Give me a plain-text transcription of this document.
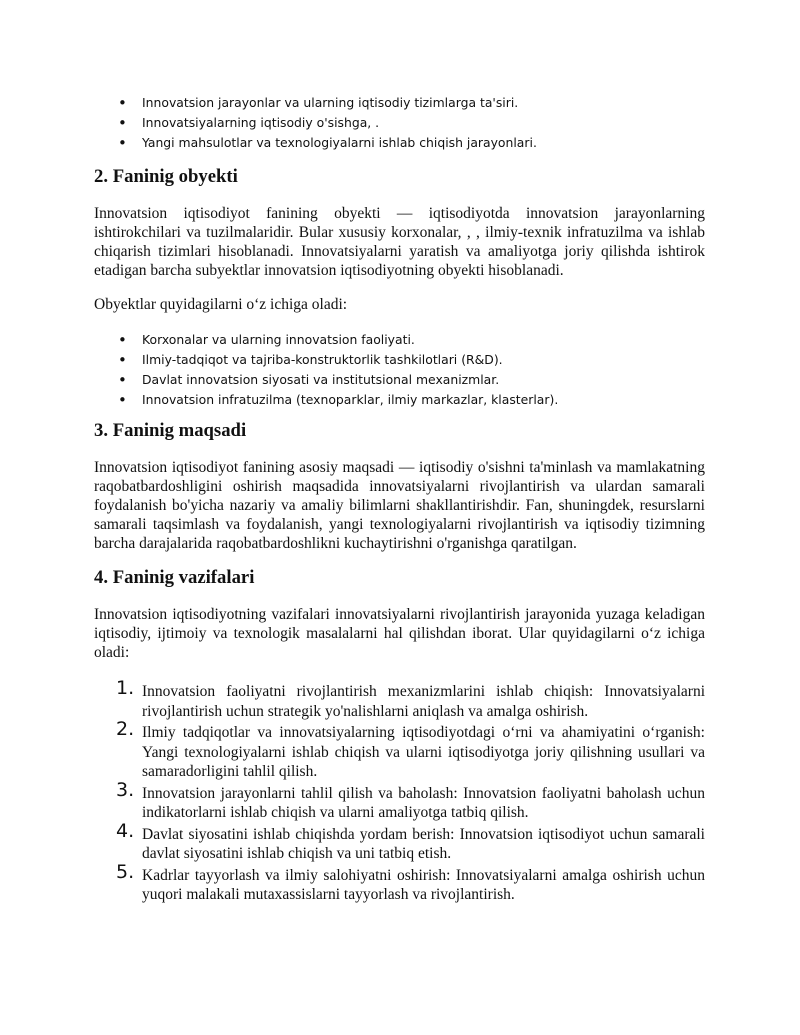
• Innovatsion jarayonlar va ularning iqtisodiy tizimlarga ta'siri.
• Innovatsiyalarning iqtisodiy o'sishga, .
• Yangi mahsulotlar va texnologiyalarni ishlab chiqish jarayonlari.
2. Faninig obyekti

Innovatsion iqtisodiyot fanining obyekti — iqtisodiyotda innovatsion jarayonlarning ishtirokchilari va tuzilmalaridir. Bular xususiy korxonalar, , , ilmiy-texnik infratuzilma va ishlab chiqarish tizimlari hisoblanadi. Innovatsiyalarni yaratish va amaliyotga joriy qilishda ishtirok etadigan barcha subyektlar innovatsion iqtisodiyotning obyekti hisoblanadi.

Obyektlar quyidagilarni o‘z ichiga oladi:

• Korxonalar va ularning innovatsion faoliyati.
• Ilmiy-tadqiqot va tajriba-konstruktorlik tashkilotlari (R&D).
• Davlat innovatsion siyosati va institutsional mexanizmlar.
• Innovatsion infratuzilma (texnoparklar, ilmiy markazlar, klasterlar).
3. Faninig maqsadi

Innovatsion iqtisodiyot fanining asosiy maqsadi — iqtisodiy o'sishni ta'minlash va mamlakatning raqobatbardoshligini oshirish maqsadida innovatsiyalarni rivojlantirish va ulardan samarali foydalanish bo'yicha nazariy va amaliy bilimlarni shakllantirishdir. Fan, shuningdek, resurslarni samarali taqsimlash va foydalanish, yangi texnologiyalarni rivojlantirish va iqtisodiy tizimning barcha darajalarida raqobatbardoshlikni kuchaytirishni o'rganishga qaratilgan.

4. Faninig vazifalari

Innovatsion iqtisodiyotning vazifalari innovatsiyalarni rivojlantirish jarayonida yuzaga keladigan iqtisodiy, ijtimoiy va texnologik masalalarni hal qilishdan iborat. Ular quyidagilarni o‘z ichiga oladi:

1. Innovatsion faoliyatni rivojlantirish mexanizmlarini ishlab chiqish: Innovatsiyalarni rivojlantirish uchun strategik yo'nalishlarni aniqlash va amalga oshirish.
2. Ilmiy tadqiqotlar va innovatsiyalarning iqtisodiyotdagi o‘rni va ahamiyatini o‘rganish: Yangi texnologiyalarni ishlab chiqish va ularni iqtisodiyotga joriy qilishning usullari va samaradorligini tahlil qilish.
3. Innovatsion jarayonlarni tahlil qilish va baholash: Innovatsion faoliyatni baholash uchun indikatorlarni ishlab chiqish va ularni amaliyotga tatbiq qilish.
4. Davlat siyosatini ishlab chiqishda yordam berish: Innovatsion iqtisodiyot uchun samarali davlat siyosatini ishlab chiqish va uni tatbiq etish.
5. Kadrlar tayyorlash va ilmiy salohiyatni oshirish: Innovatsiyalarni amalga oshirish uchun yuqori malakali mutaxassislarni tayyorlash va rivojlantirish.
